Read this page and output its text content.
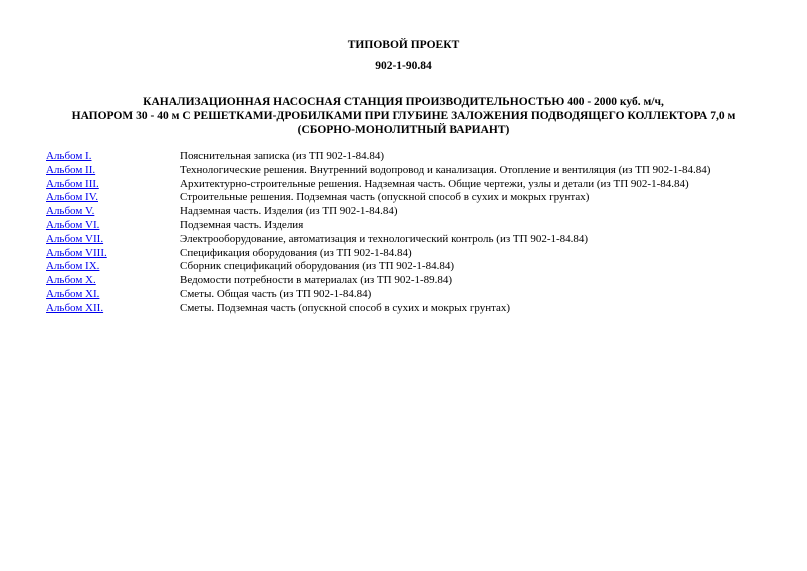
ТИПОВОЙ ПРОЕКТ
902-1-90.84
КАНАЛИЗАЦИОННАЯ НАСОСНАЯ СТАНЦИЯ ПРОИЗВОДИТЕЛЬНОСТЬЮ 400 - 2000 куб. м/ч,
НАПОРОМ 30 - 40 м С РЕШЕТКАМИ-ДРОБИЛКАМИ ПРИ ГЛУБИНЕ ЗАЛОЖЕНИЯ ПОДВОДЯЩЕГО КОЛЛЕКТОРА 7,0 м
(СБОРНО-МОНОЛИТНЫЙ ВАРИАНТ)
Альбом I.	Пояснительная записка (из ТП 902-1-84.84)
Альбом II.	Технологические решения. Внутренний водопровод и канализация. Отопление и вентиляция (из ТП 902-1-84.84)
Альбом III.	Архитектурно-строительные решения. Надземная часть. Общие чертежи, узлы и детали (из ТП 902-1-84.84)
Альбом IV.	Строительные решения. Подземная часть (опускной способ в сухих и мокрых грунтах)
Альбом V.	Надземная часть. Изделия (из ТП 902-1-84.84)
Альбом VI.	Подземная часть. Изделия
Альбом VII.	Электрооборудование, автоматизация и технологический контроль (из ТП 902-1-84.84)
Альбом VIII.	Спецификация оборудования (из ТП 902-1-84.84)
Альбом IX.	Сборник спецификаций оборудования (из ТП 902-1-84.84)
Альбом X.	Ведомости потребности в материалах (из ТП 902-1-89.84)
Альбом XI.	Сметы. Общая часть (из ТП 902-1-84.84)
Альбом XII.	Сметы. Подземная часть (опускной способ в сухих и мокрых грунтах)
